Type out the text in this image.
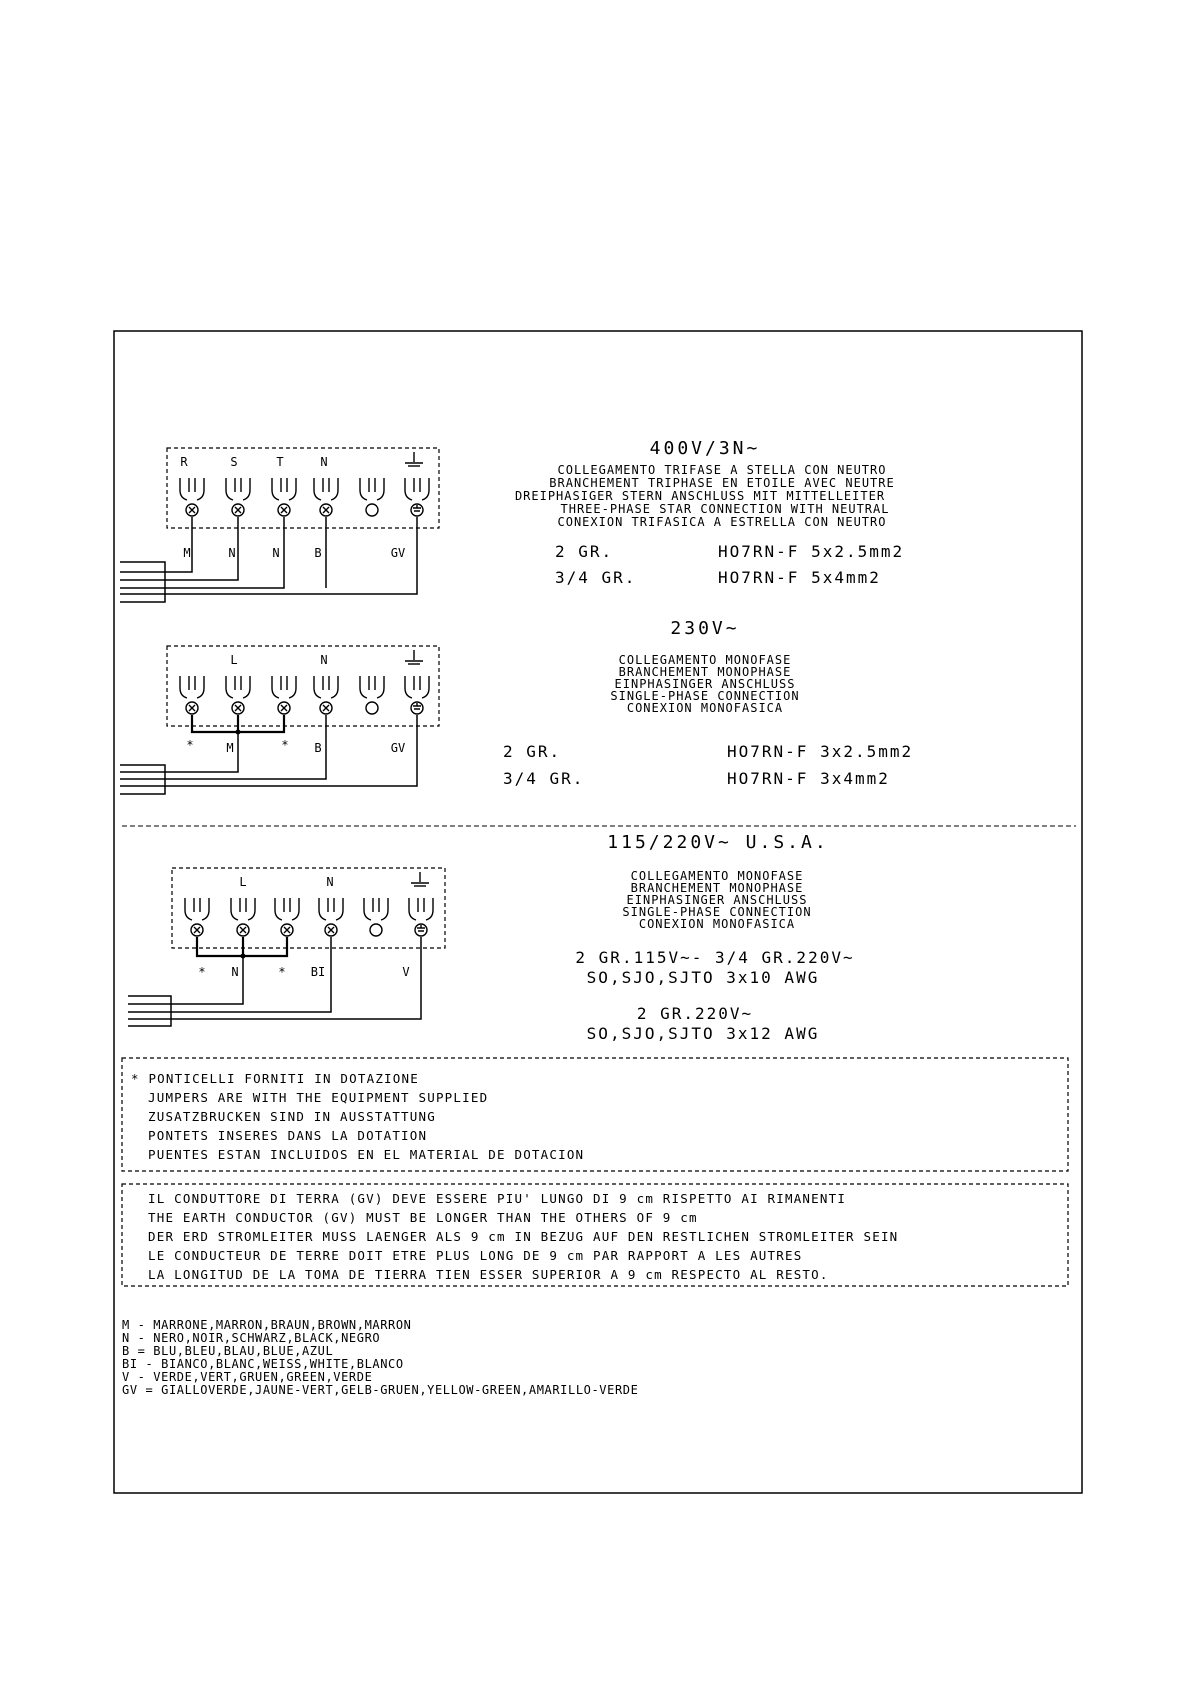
R	S	T	N
M	N	N	B	GV
400V/3N~
COLLEGAMENTO TRIFASE A STELLA CON NEUTRO
BRANCHEMENT TRIPHASE EN ETOILE AVEC NEUTRE
DREIPHASIGER STERN ANSCHLUSS MIT MITTELLEITER
THREE-PHASE STAR CONNECTION WITH NEUTRAL
CONEXION TRIFASICA A ESTRELLA CON NEUTRO
2 GR.	HO7RN-F 5x2.5mm2
3/4 GR.	HO7RN-F 5x4mm2
L	N
*	M	* B	GV
230V~
COLLEGAMENTO MONOFASE
BRANCHEMENT MONOPHASE
EINPHASINGER ANSCHLUSS
SINGLE-PHASE CONNECTION
CONEXION MONOFASICA
2 GR.	HO7RN-F 3x2.5mm2
3/4 GR.	HO7RN-F 3x4mm2
L	N
* N	* BI	V
115/220V~ U.S.A.
COLLEGAMENTO MONOFASE
BRANCHEMENT MONOPHASE
EINPHASINGER ANSCHLUSS
SINGLE-PHASE CONNECTION
CONEXION MONOFASICA
2 GR.115V~- 3/4 GR.220V~
SO,SJO,SJTO 3x10 AWG
2 GR.220V~
SO,SJO,SJTO 3x12 AWG
* PONTICELLI FORNITI IN DOTAZIONE
JUMPERS ARE WITH THE EQUIPMENT SUPPLIED
ZUSATZBRUCKEN SIND IN AUSSTATTUNG
PONTETS INSERES DANS LA DOTATION
PUENTES ESTAN INCLUIDOS EN EL MATERIAL DE DOTACION
IL CONDUTTORE DI TERRA (GV) DEVE ESSERE PIU' LUNGO DI 9 cm RISPETTO AI RIMANENTI
THE EARTH CONDUCTOR (GV) MUST BE LONGER THAN THE OTHERS OF 9 cm
DER ERD STROMLEITER MUSS LAENGER ALS 9 cm IN BEZUG AUF DEN RESTLICHEN STROMLEITER SEIN
LE CONDUCTEUR DE TERRE DOIT ETRE PLUS LONG DE 9 cm PAR RAPPORT A LES AUTRES
LA LONGITUD DE LA TOMA DE TIERRA TIEN ESSER SUPERIOR A 9 cm RESPECTO AL RESTO.
M - MARRONE,MARRON,BRAUN,BROWN,MARRON
N - NERO,NOIR,SCHWARZ,BLACK,NEGRO
B = BLU,BLEU,BLAU,BLUE,AZUL
BI - BIANCO,BLANC,WEISS,WHITE,BLANCO
V - VERDE,VERT,GRUEN,GREEN,VERDE
GV = GIALLOVERDE,JAUNE-VERT,GELB-GRUEN,YELLOW-GREEN,AMARILLO-VERDE
